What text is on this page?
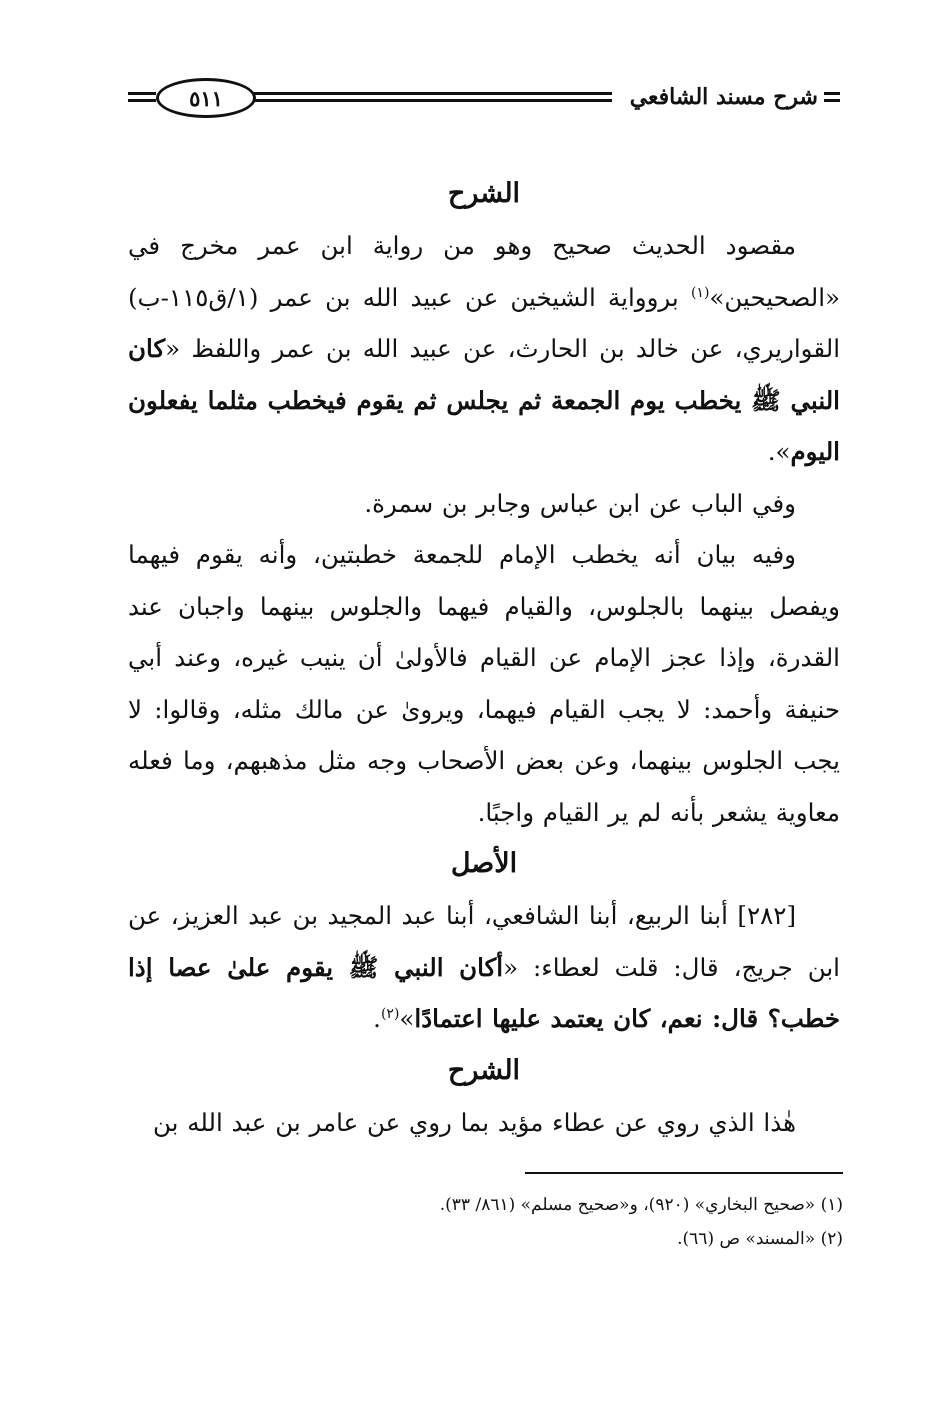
شرح مسند الشافعي
٥١١

الشرح

مقصود الحديث صحيح وهو من رواية ابن عمر مخرج في «الصحيحين»$^{(١)}$ بروواية الشيخين عن عبيد الله بن عمر (١/ق١١٥-ب) القواريري، عن خالد بن الحارث، عن عبيد الله بن عمر واللفظ «كان النبي ﷺ يخطب يوم الجمعة ثم يجلس ثم يقوم فيخطب مثلما يفعلون اليوم».

وفي الباب عن ابن عباس وجابر بن سمرة.

وفيه بيان أنه يخطب الإمام للجمعة خطبتين، وأنه يقوم فيهما ويفصل بينهما بالجلوس، والقيام فيهما والجلوس بينهما واجبان عند القدرة، وإذا عجز الإمام عن القيام فالأولىٰ أن ينيب غيره، وعند أبي حنيفة وأحمد: لا يجب القيام فيهما، ويروىٰ عن مالك مثله، وقالوا: لا يجب الجلوس بينهما، وعن بعض الأصحاب وجه مثل مذهبهم، وما فعله معاوية يشعر بأنه لم ير القيام واجبًا.

الأصل

[٢٨٢] أبنا الربيع، أبنا الشافعي، أبنا عبد المجيد بن عبد العزيز، عن ابن جريج، قال: قلت لعطاء: «أكان النبي ﷺ يقوم علىٰ عصا إذا خطب؟ قال: نعم، كان يعتمد عليها اعتمادًا»$^{(٢)}$.

الشرح

هٰذا الذي روي عن عطاء مؤيد بما روي عن عامر بن عبد الله بن

(١) «صحيح البخاري» (٩٢٠)، و«صحيح مسلم» (٨٦١/ ٣٣).

(٢) «المسند» ص (٦٦).
